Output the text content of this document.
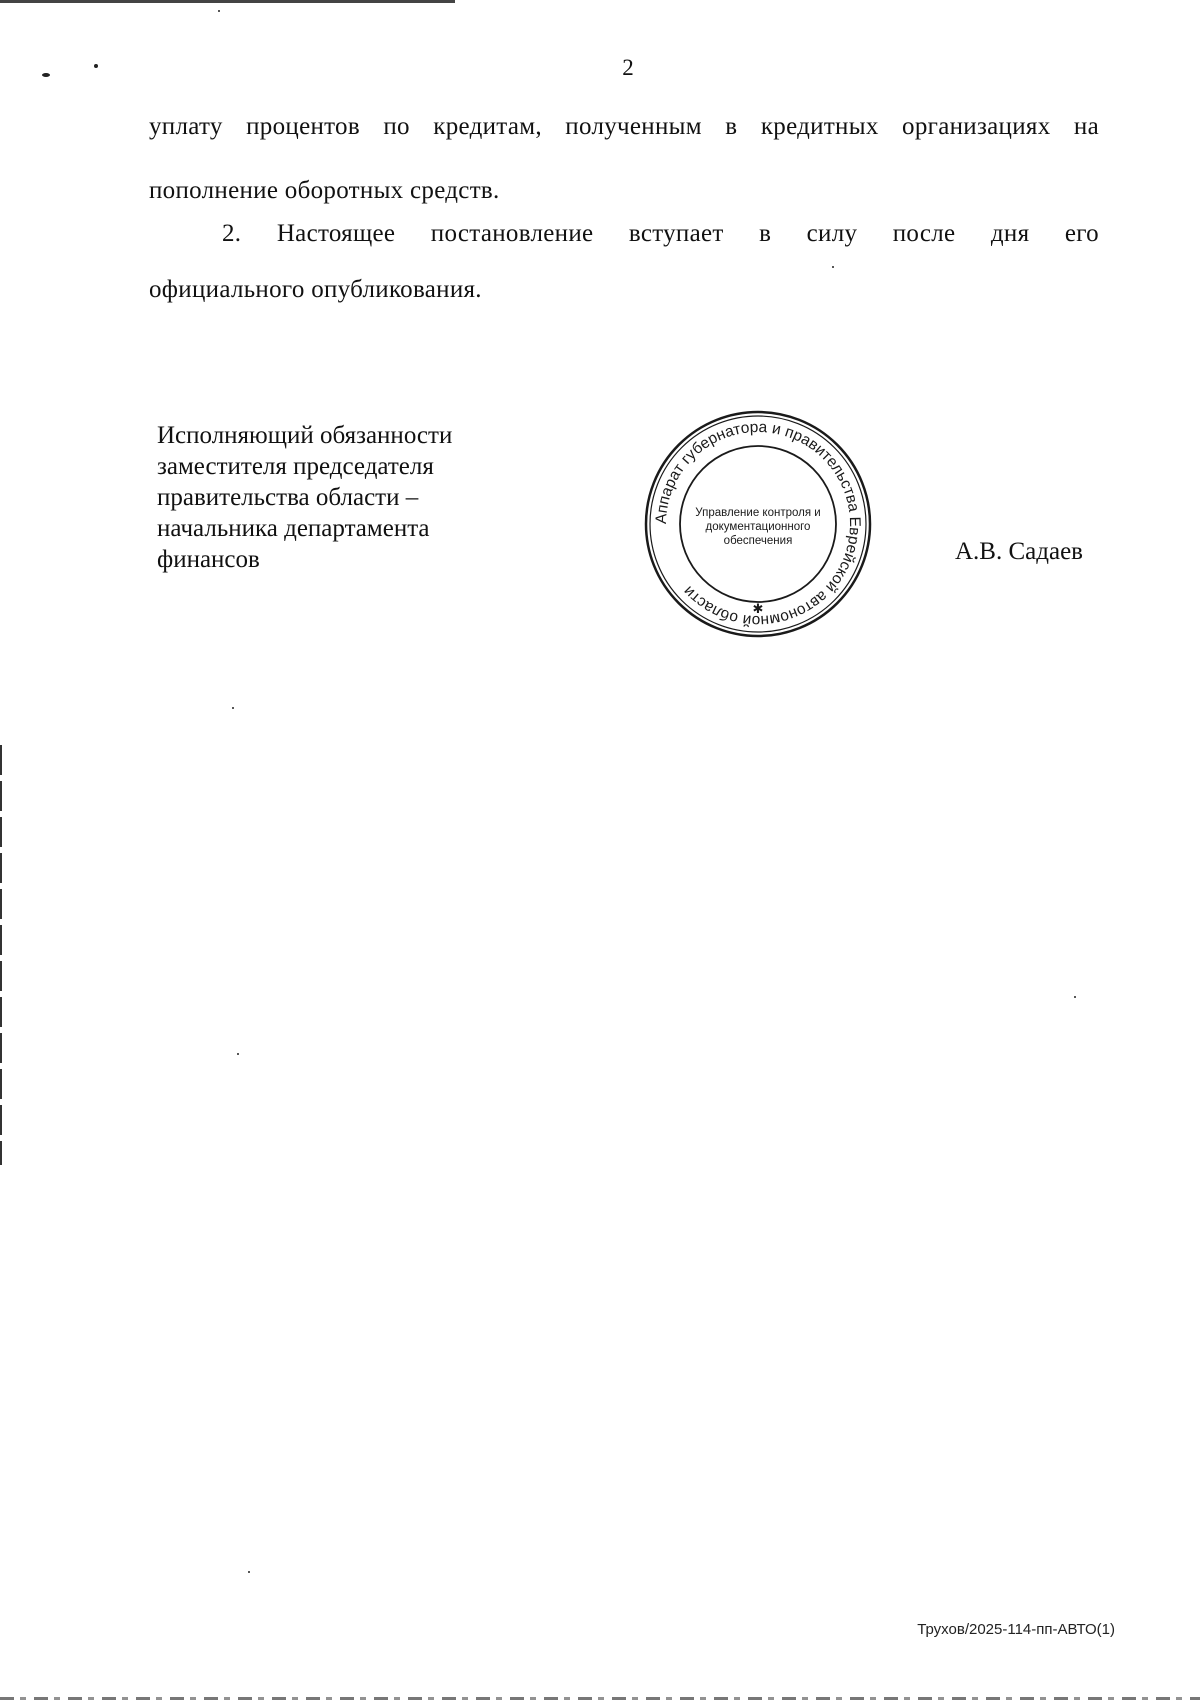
2
уплату процентов по кредитам, полученным в кредитных организациях на
пополнение оборотных средств.
2. Настоящее постановление вступает в силу после дня его
официального опубликования.
Исполняющий обязанности
заместителя председателя
правительства области –
начальника департамента
финансов
Аппарат губернатора и правительства Еврейской автономной области
✱
Управление контроля и
документационного
обеспечения	А.В. Садаев
Трухов/2025-114-пп-АВТО(1)
